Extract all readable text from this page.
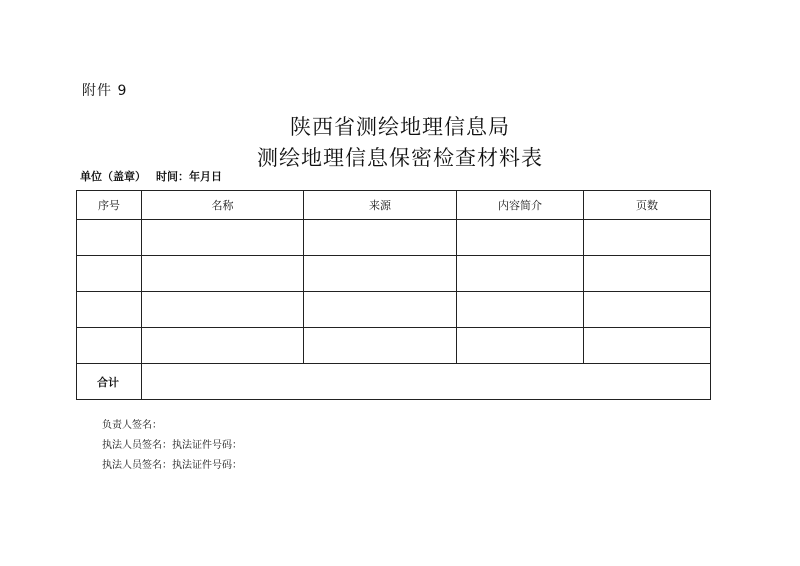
附件 9
陕西省测绘地理信息局
测绘地理信息保密检查材料表
单位（盖章） 时间：年月日
序号	名称	来源	内容简介	页数

合计				
负责人签名：
执法人员签名：执法证件号码：
执法人员签名：执法证件号码：
